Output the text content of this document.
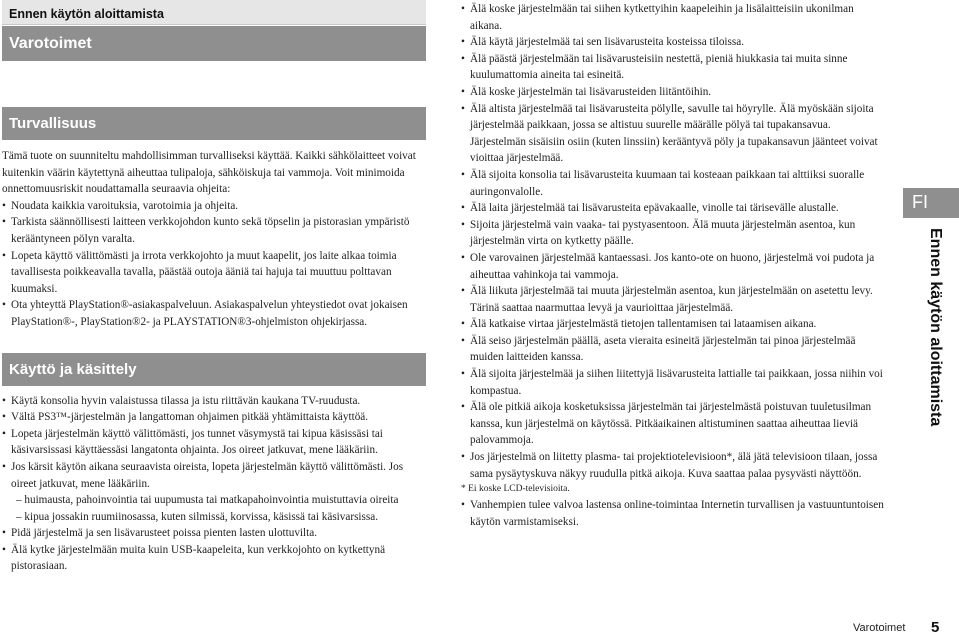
Ennen käytön aloittamista
Varotoimet
Turvallisuus

Tämä tuote on suunniteltu mahdollisimman turvalliseksi käyttää. Kaikki sähkölaitteet voivat kuitenkin väärin käytettynä aiheuttaa tulipaloja, sähköiskuja tai vammoja. Voit minimoida onnettomuusriskit noudattamalla seuraavia ohjeita:

• Noudata kaikkia varoituksia, varotoimia ja ohjeita.
• Tarkista säännöllisesti laitteen verkkojohdon kunto sekä töpselin ja pistorasian ympäristö kerääntyneen pölyn varalta.
• Lopeta käyttö välittömästi ja irrota verkkojohto ja muut kaapelit, jos laite alkaa toimia tavallisesta poikkeavalla tavalla, päästää outoja ääniä tai hajuja tai muuttuu polttavan kuumaksi.
• Ota yhteyttä PlayStation®-asiakaspalveluun. Asiakaspalvelun yhteystiedot ovat jokaisen PlayStation®-, PlayStation®2- ja PLAYSTATION®3-ohjelmiston ohjekirjassa.
Käyttö ja käsittely
• Käytä konsolia hyvin valaistussa tilassa ja istu riittävän kaukana TV-ruudusta.
• Vältä PS3™-järjestelmän ja langattoman ohjaimen pitkää yhtämittaista käyttöä.
• Lopeta järjestelmän käyttö välittömästi, jos tunnet väsymystä tai kipua käsissäsi tai käsivarsissasi käyttäessäsi langatonta ohjainta. Jos oireet jatkuvat, mene lääkäriin.
• Jos kärsit käytön aikana seuraavista oireista, lopeta järjestelmän käyttö välittömästi. Jos oireet jatkuvat, mene lääkäriin.
– huimausta, pahoinvointia tai uupumusta tai matkapahoinvointia muistuttavia oireita
– kipua jossakin ruumiinosassa, kuten silmissä, korvissa, käsissä tai käsivarsissa.
• Pidä järjestelmä ja sen lisävarusteet poissa pienten lasten ulottuvilta.
• Älä kytke järjestelmään muita kuin USB-kaapeleita, kun verkkojohto on kytkettynä pistorasiaan.
• Älä koske järjestelmään tai siihen kytkettyihin kaapeleihin ja lisälaitteisiin ukonilman aikana.
• Älä käytä järjestelmää tai sen lisävarusteita kosteissa tiloissa.
• Älä päästä järjestelmään tai lisävarusteisiin nestettä, pieniä hiukkasia tai muita sinne kuulumattomia aineita tai esineitä.
• Älä koske järjestelmän tai lisävarusteiden liitäntöihin.
• Älä altista järjestelmää tai lisävarusteita pölylle, savulle tai höyrylle. Älä myöskään sijoita järjestelmää paikkaan, jossa se altistuu suurelle määrälle pölyä tai tupakansavua. Järjestelmän sisäisiin osiin (kuten linssiin) kerääntyvä pöly ja tupakansavun jäänteet voivat vioittaa järjestelmää.
• Älä sijoita konsolia tai lisävarusteita kuumaan tai kosteaan paikkaan tai alttiiksi suoralle auringonvalolle.
• Älä laita järjestelmää tai lisävarusteita epävakaalle, vinolle tai tärisevälle alustalle.
• Sijoita järjestelmä vain vaaka- tai pystyasentoon. Älä muuta järjestelmän asentoa, kun järjestelmän virta on kytketty päälle.
• Ole varovainen järjestelmää kantaessasi. Jos kanto-ote on huono, järjestelmä voi pudota ja aiheuttaa vahinkoja tai vammoja.
• Älä liikuta järjestelmää tai muuta järjestelmän asentoa, kun järjestelmään on asetettu levy. Tärinä saattaa naarmuttaa levyä ja vaurioittaa järjestelmää.
• Älä katkaise virtaa järjestelmästä tietojen tallentamisen tai lataamisen aikana.
• Älä seiso järjestelmän päällä, aseta vieraita esineitä järjestelmän tai pinoa järjestelmää muiden laitteiden kanssa.
• Älä sijoita järjestelmää ja siihen liitettyjä lisävarusteita lattialle tai paikkaan, jossa niihin voi kompastua.
• Älä ole pitkiä aikoja kosketuksissa järjestelmän tai järjestelmästä poistuvan tuuletusilman kanssa, kun järjestelmä on käytössä. Pitkäaikainen altistuminen saattaa aiheuttaa lieviä palovammoja.
• Jos järjestelmä on liitetty plasma- tai projektiotelevisioon*, älä jätä televisioon tilaan, jossa sama pysäytyskuva näkyy ruudulla pitkä aikoja. Kuva saattaa palaa pysyvästi näyttöön.
* Ei koske LCD-televisioita.
• Vanhempien tulee valvoa lastensa online-toimintaa Internetin turvallisen ja vastuuntuntoisen käytön varmistamiseksi.
FI
Ennen käytön aloittamista
Varotoimet 5
